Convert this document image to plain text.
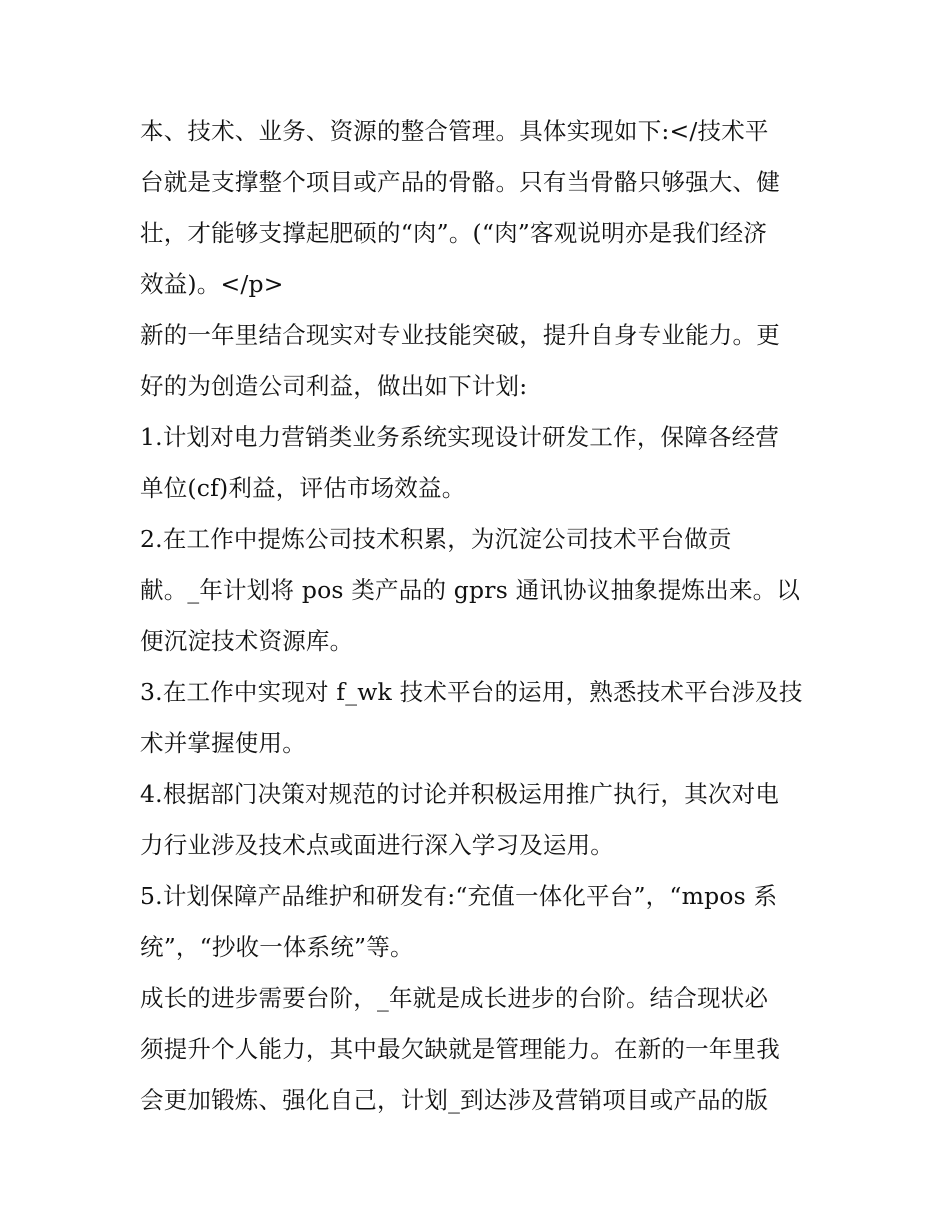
本、技术、业务、资源的整合管理。具体实现如下:</技术平
台就是支撑整个项目或产品的骨骼。只有当骨骼只够强大、健
壮，才能够支撑起肥硕的“肉”。(“肉”客观说明亦是我们经济
效益)。</p>
新的一年里结合现实对专业技能突破，提升自身专业能力。更
好的为创造公司利益，做出如下计划:
1.计划对电力营销类业务系统实现设计研发工作，保障各经营
单位(cf)利益，评估市场效益。
2.在工作中提炼公司技术积累，为沉淀公司技术平台做贡
献。_年计划将 pos 类产品的 gprs 通讯协议抽象提炼出来。以
便沉淀技术资源库。
3.在工作中实现对 f_wk 技术平台的运用，熟悉技术平台涉及技
术并掌握使用。
4.根据部门决策对规范的讨论并积极运用推广执行，其次对电
力行业涉及技术点或面进行深入学习及运用。
5.计划保障产品维护和研发有:“充值一体化平台”，“mpos 系
统”，“抄收一体系统”等。
成长的进步需要台阶，_年就是成长进步的台阶。结合现状必
须提升个人能力，其中最欠缺就是管理能力。在新的一年里我
会更加锻炼、强化自己，计划_到达涉及营销项目或产品的版
